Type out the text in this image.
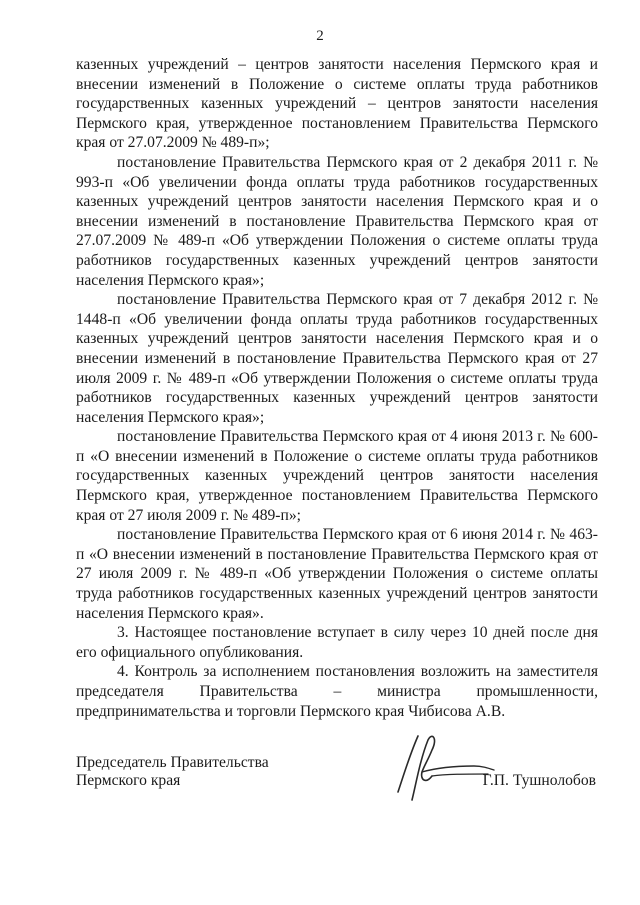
2

казенных учреждений – центров занятости населения Пермского края и внесении изменений в Положение о системе оплаты труда работников государственных казенных учреждений – центров занятости населения Пермского края, утвержденное постановлением Правительства Пермского края от 27.07.2009 № 489-п»;

постановление Правительства Пермского края от 2 декабря 2011 г. № 993-п «Об увеличении фонда оплаты труда работников государственных казенных учреждений центров занятости населения Пермского края и о внесении изменений в постановление Правительства Пермского края от 27.07.2009 № 489-п «Об утверждении Положения о системе оплаты труда работников государственных казенных учреждений центров занятости населения Пермского края»;

постановление Правительства Пермского края от 7 декабря 2012 г. № 1448-п «Об увеличении фонда оплаты труда работников государственных казенных учреждений центров занятости населения Пермского края и о внесении изменений в постановление Правительства Пермского края от 27 июля 2009 г. № 489-п «Об утверждении Положения о системе оплаты труда работников государственных казенных учреждений центров занятости населения Пермского края»;

постановление Правительства Пермского края от 4 июня 2013 г. № 600-п «О внесении изменений в Положение о системе оплаты труда работников государственных казенных учреждений центров занятости населения Пермского края, утвержденное постановлением Правительства Пермского края от 27 июля 2009 г. № 489-п»;

постановление Правительства Пермского края от 6 июня 2014 г. № 463-п «О внесении изменений в постановление Правительства Пермского края от 27 июля 2009 г. № 489-п «Об утверждении Положения о системе оплаты труда работников государственных казенных учреждений центров занятости населения Пермского края».

3. Настоящее постановление вступает в силу через 10 дней после дня его официального опубликования.

4. Контроль за исполнением постановления возложить на заместителя председателя Правительства – министра промышленности, предпринимательства и торговли Пермского края Чибисова А.В.

Председатель Правительства
Пермского края	Г.П. Тушнолобов
